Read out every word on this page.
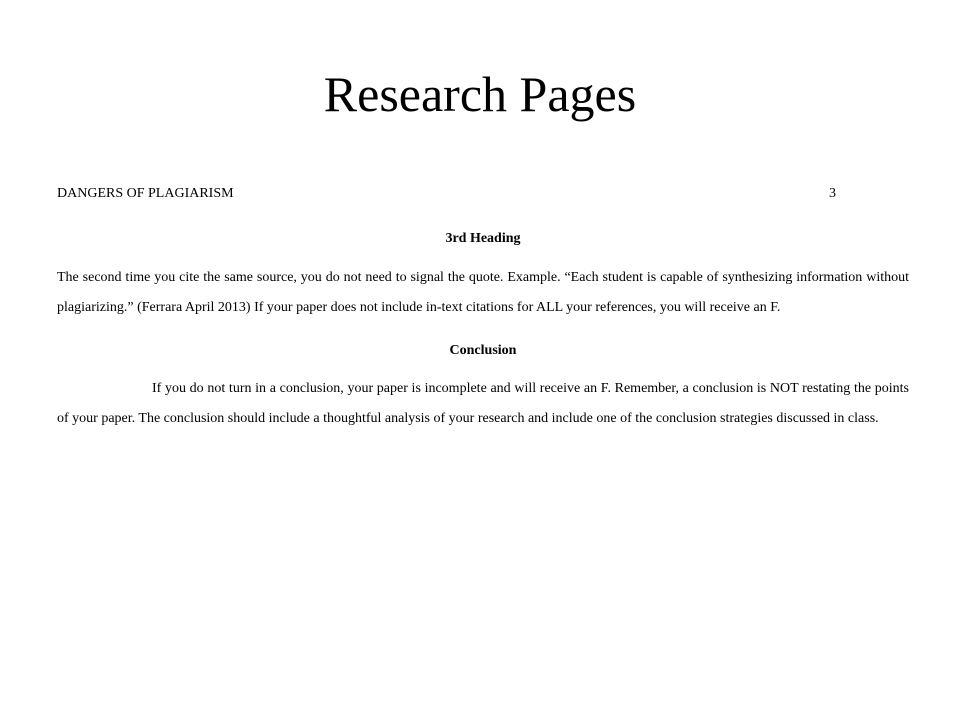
Research Pages
DANGERS OF PLAGIARISM	3

3rd Heading

The second time you cite the same source, you do not need to signal the quote. Example. “Each student is capable of synthesizing information without plagiarizing.” (Ferrara April 2013) If your paper does not include in-text citations for ALL your references, you will receive an F.

Conclusion

If you do not turn in a conclusion, your paper is incomplete and will receive an F. Remember, a conclusion is NOT restating the points of your paper. The conclusion should include a thoughtful analysis of your research and include one of the conclusion strategies discussed in class.
